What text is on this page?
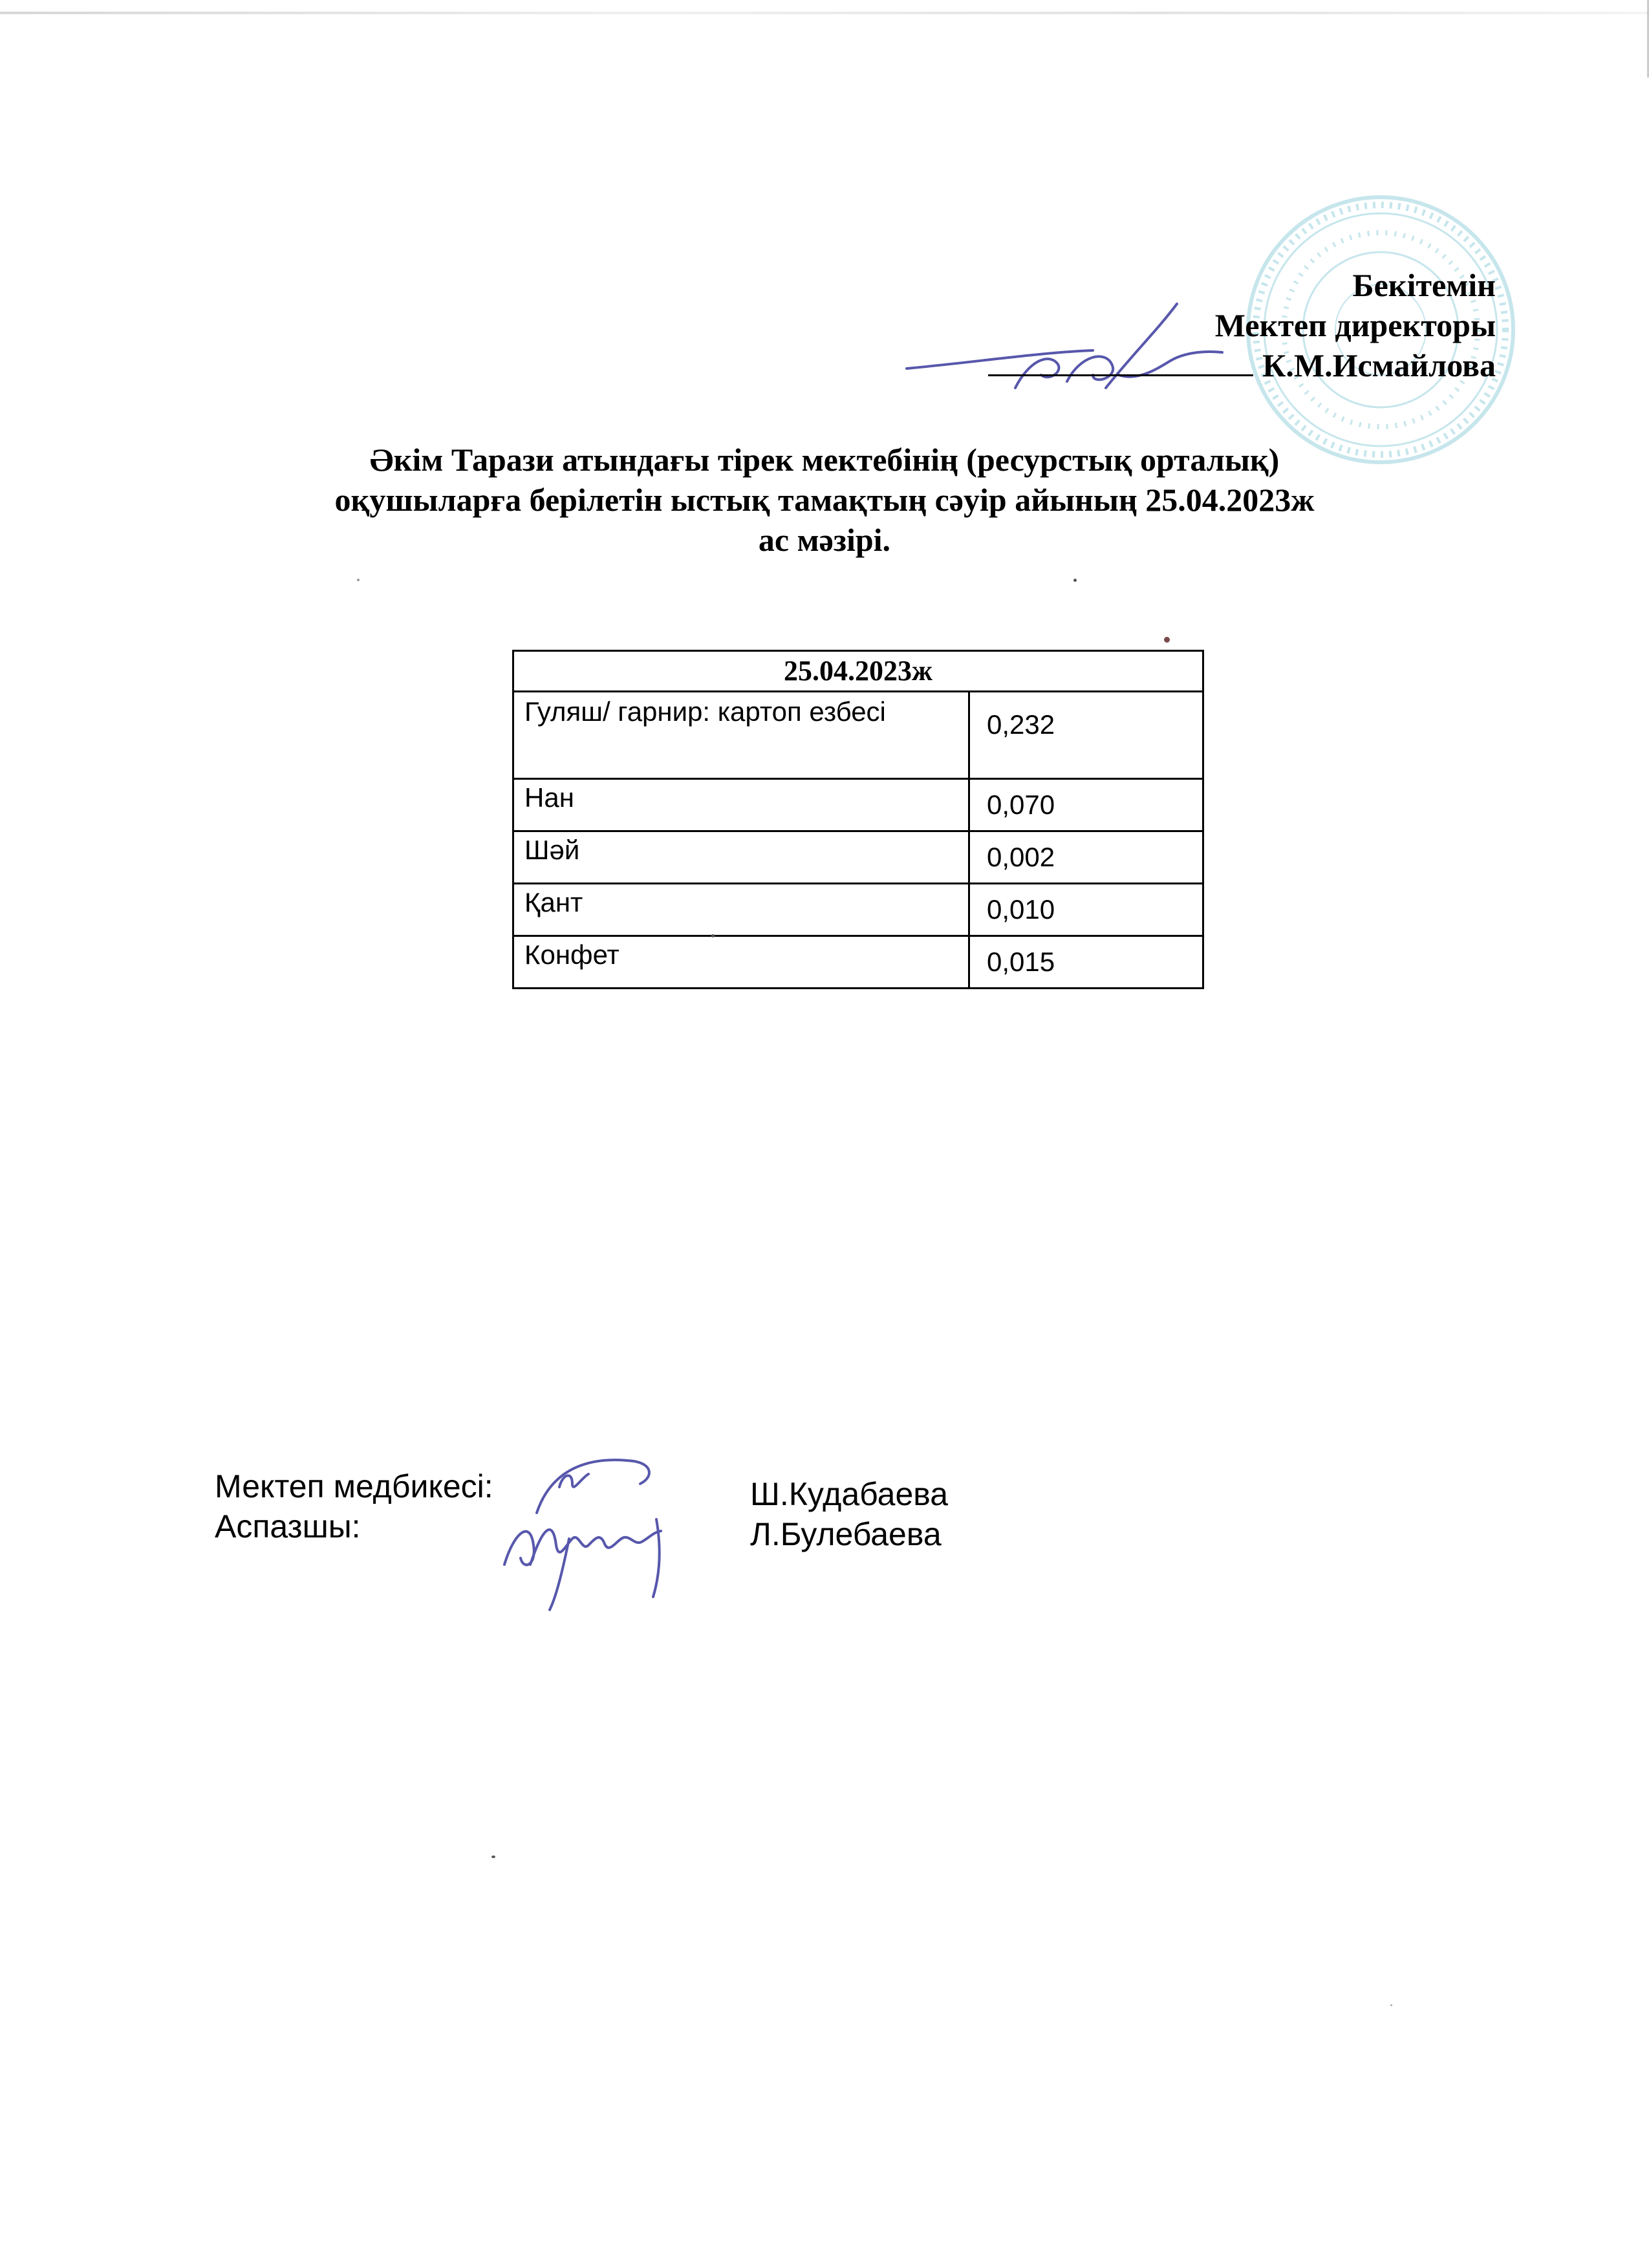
Бекітемін
Мектеп директоры
К.М.Исмайлова
Әкім Тарази атындағы тірек мектебінің (ресурстық орталық)
оқушыларға берілетін ыстық тамақтың сәуір айының 25.04.2023ж
ас мәзірі.
25.04.2023ж	
Гуляш/ гарнир: картоп езбесі	0,232
Нан	0,070
Шәй	0,002
Қант	0,010
Конфет	0,015
Мектеп медбикесі:
Аспазшы:
Ш.Кудабаева
Л.Булебаева
